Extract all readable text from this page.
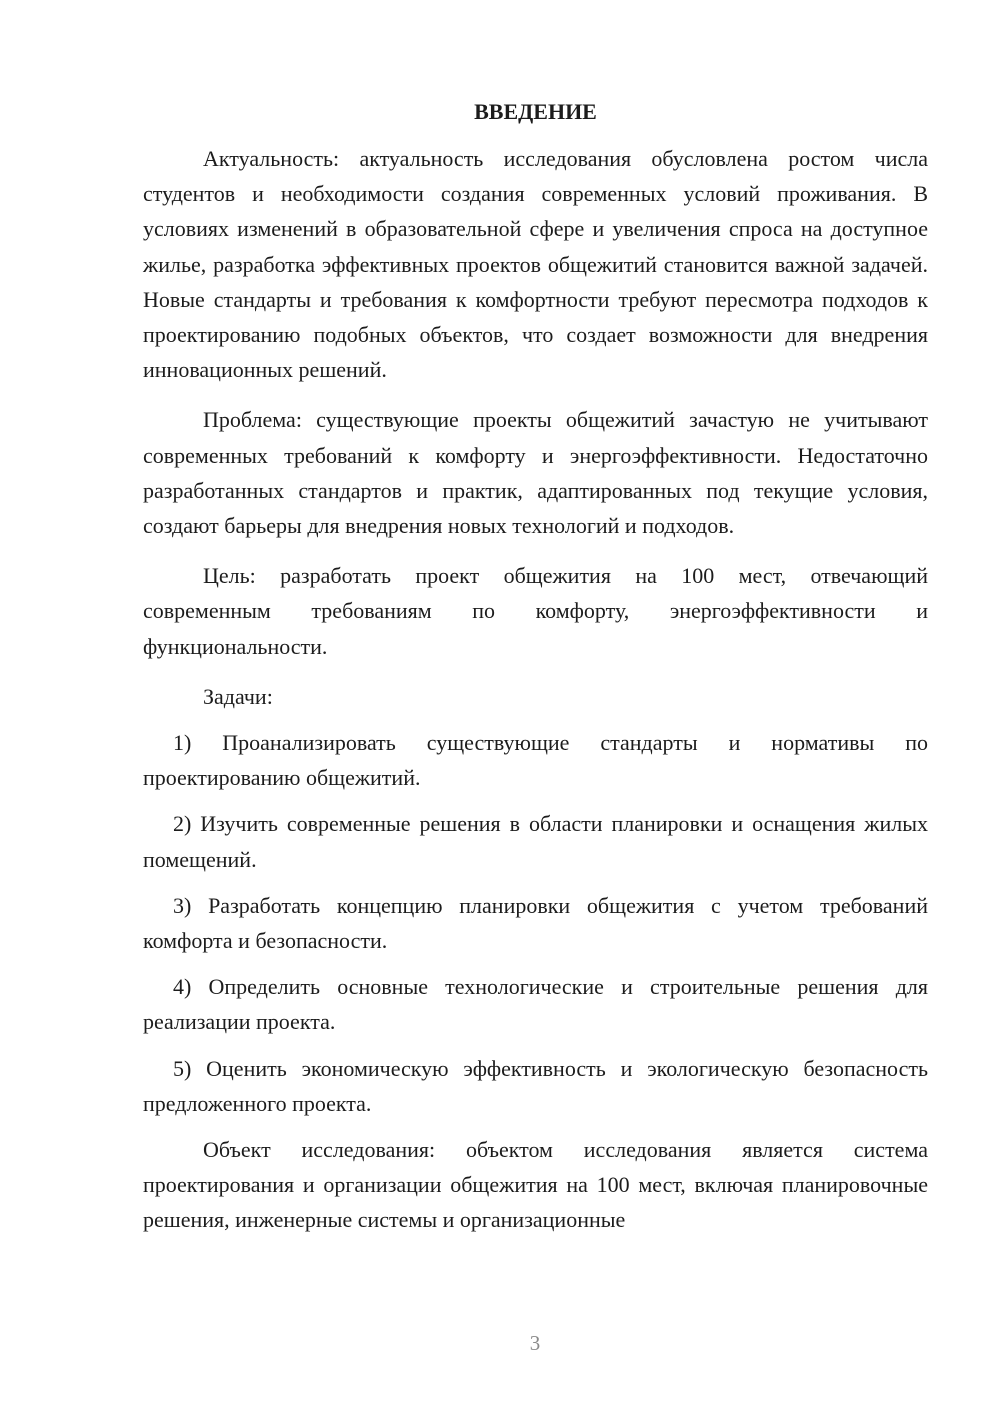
ВВЕДЕНИЕ

Актуальность: актуальность исследования обусловлена ростом числа студентов и необходимости создания современных условий проживания. В условиях изменений в образовательной сфере и увеличения спроса на доступное жилье, разработка эффективных проектов общежитий становится важной задачей. Новые стандарты и требования к комфортности требуют пересмотра подходов к проектированию подобных объектов, что создает возможности для внедрения инновационных решений.

Проблема: существующие проекты общежитий зачастую не учитывают современных требований к комфорту и энергоэффективности. Недостаточно разработанных стандартов и практик, адаптированных под текущие условия, создают барьеры для внедрения новых технологий и подходов.

Цель: разработать проект общежития на 100 мест, отвечающий современным требованиям по комфорту, энергоэффективности и функциональности.

Задачи:

1) Проанализировать существующие стандарты и нормативы по проектированию общежитий.

2) Изучить современные решения в области планировки и оснащения жилых помещений.

3) Разработать концепцию планировки общежития с учетом требований комфорта и безопасности.

4) Определить основные технологические и строительные решения для реализации проекта.

5) Оценить экономическую эффективность и экологическую безопасность предложенного проекта.

Объект исследования: объектом исследования является система проектирования и организации общежития на 100 мест, включая планировочные решения, инженерные системы и организационные

3
